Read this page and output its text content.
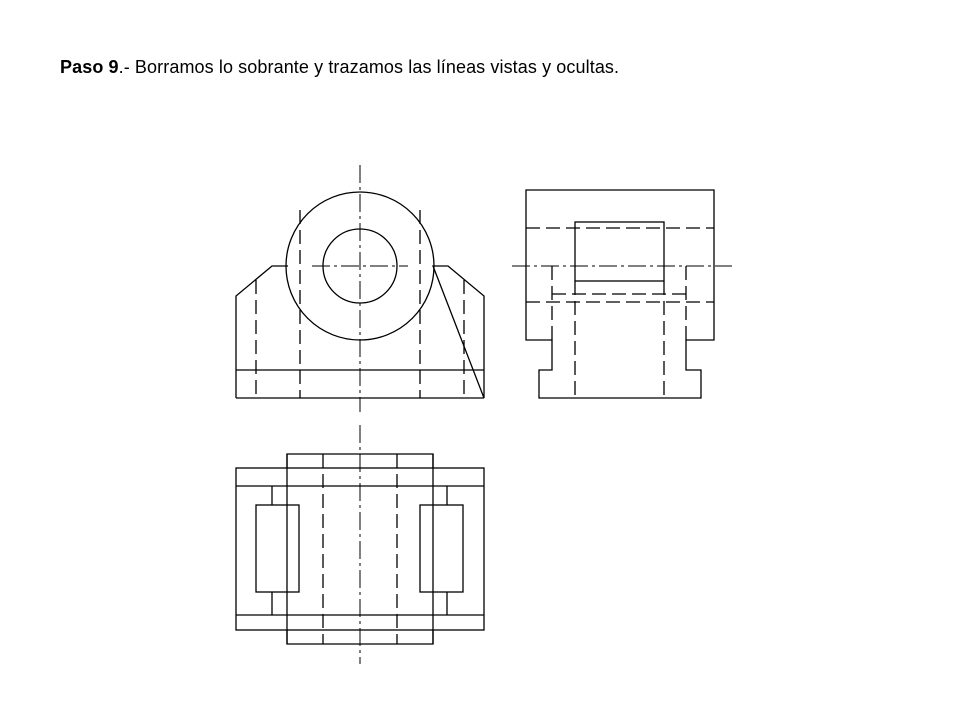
Paso 9.- Borramos lo sobrante y trazamos las líneas vistas y ocultas.
